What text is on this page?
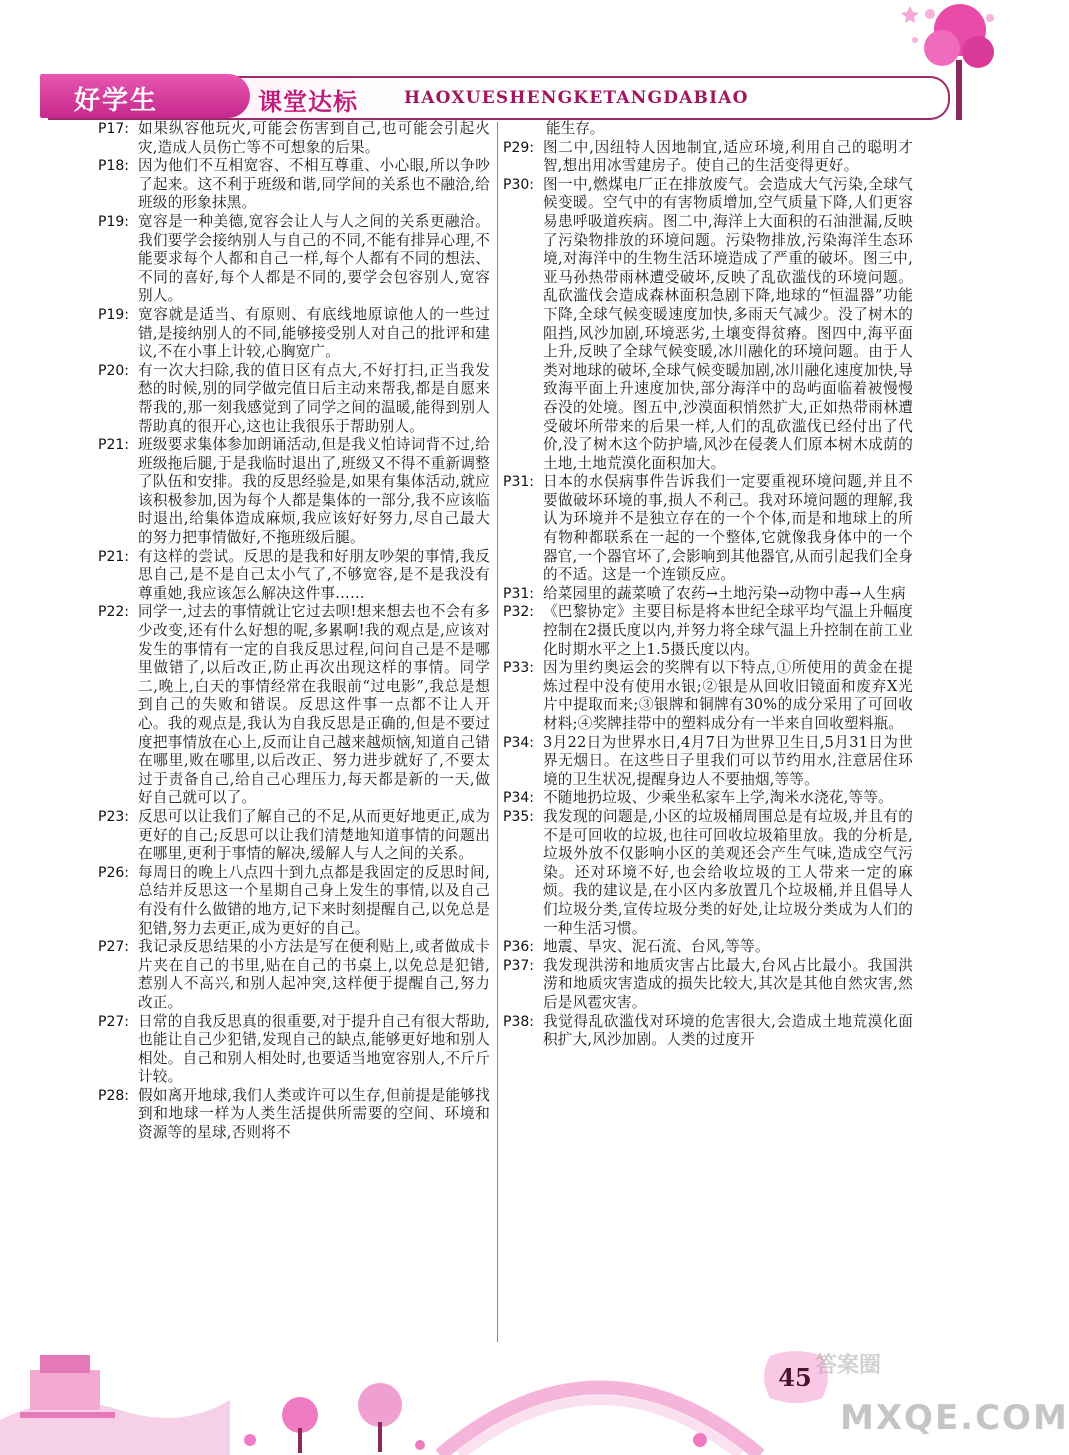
好学生	课堂达标	HAOXUESHENGKETANGDABIAO
P17: 如果纵容他玩火,可能会伤害到自己,也可能会引起火灾,造成人员伤亡等不可想象的后果。
P18: 因为他们不互相宽容、不相互尊重、小心眼,所以争吵了起来。这不利于班级和谐,同学间的关系也不融洽,给班级的形象抹黑。
P19: 宽容是一种美德,宽容会让人与人之间的关系更融洽。我们要学会接纳别人与自己的不同,不能有排异心理,不能要求每个人都和自己一样,每个人都有不同的想法、不同的喜好,每个人都是不同的,要学会包容别人,宽容别人。
P19: 宽容就是适当、有原则、有底线地原谅他人的一些过错,是接纳别人的不同,能够接受别人对自己的批评和建议,不在小事上计较,心胸宽广。
P20: 有一次大扫除,我的值日区有点大,不好打扫,正当我发愁的时候,别的同学做完值日后主动来帮我,都是自愿来帮我的,那一刻我感觉到了同学之间的温暖,能得到别人帮助真的很开心,这也让我很乐于帮助别人。
P21: 班级要求集体参加朗诵活动,但是我义怕诗词背不过,给班级拖后腿,于是我临时退出了,班级又不得不重新调整了队伍和安排。我的反思经验是,如果有集体活动,就应该积极参加,因为每个人都是集体的一部分,我不应该临时退出,给集体造成麻烦,我应该好好努力,尽自己最大的努力把事情做好,不拖班级后腿。
P21: 有这样的尝试。反思的是我和好朋友吵架的事情,我反思自己,是不是自己太小气了,不够宽容,是不是我没有尊重她,我应该怎么解决这件事……
P22: 同学一,过去的事情就让它过去呗!想来想去也不会有多少改变,还有什么好想的呢,多累啊!我的观点是,应该对发生的事情有一定的自我反思过程,问问自己是不是哪里做错了,以后改正,防止再次出现这样的事情。同学二,晚上,白天的事情经常在我眼前“过电影”,我总是想到自己的失败和错误。反思这件事一点都不让人开心。我的观点是,我认为自我反思是正确的,但是不要过度把事情放在心上,反而让自己越来越烦恼,知道自己错在哪里,败在哪里,以后改正、努力进步就好了,不要太过于责备自己,给自己心理压力,每天都是新的一天,做好自己就可以了。
P23: 反思可以让我们了解自己的不足,从而更好地更正,成为更好的自己;反思可以让我们清楚地知道事情的问题出在哪里,更利于事情的解决,缓解人与人之间的关系。
P26: 每周日的晚上八点四十到九点都是我固定的反思时间,总结并反思这一个星期自己身上发生的事情,以及自己有没有什么做错的地方,记下来时刻提醒自己,以免总是犯错,努力去更正,成为更好的自己。
P27: 我记录反思结果的小方法是写在便利贴上,或者做成卡片夹在自己的书里,贴在自己的书桌上,以免总是犯错,惹别人不高兴,和别人起冲突,这样便于提醒自己,努力改正。
P27: 日常的自我反思真的很重要,对于提升自己有很大帮助,也能让自己少犯错,发现自己的缺点,能够更好地和别人相处。自己和别人相处时,也要适当地宽容别人,不斤斤计较。
P28: 假如离开地球,我们人类或许可以生存,但前提是能够找到和地球一样为人类生活提供所需要的空间、环境和资源等的星球,否则将不
能生存。
P29: 图二中,因纽特人因地制宜,适应环境,利用自己的聪明才智,想出用冰雪建房子。使自己的生活变得更好。
P30: 图一中,燃煤电厂正在排放废气。会造成大气污染,全球气候变暖。空气中的有害物质增加,空气质量下降,人们更容易患呼吸道疾病。图二中,海洋上大面积的石油泄漏,反映了污染物排放的环境问题。污染物排放,污染海洋生态环境,对海洋中的生物生活环境造成了严重的破坏。图三中,亚马孙热带雨林遭受破坏,反映了乱砍滥伐的环境问题。乱砍滥伐会造成森林面积急剧下降,地球的“恒温器”功能下降,全球气候变暖速度加快,多雨天气减少。没了树木的阻挡,风沙加剧,环境恶劣,土壤变得贫瘠。图四中,海平面上升,反映了全球气候变暖,冰川融化的环境问题。由于人类对地球的破坏,全球气候变暖加剧,冰川融化速度加快,导致海平面上升速度加快,部分海洋中的岛屿面临着被慢慢吞没的处境。图五中,沙漠面积悄然扩大,正如热带雨林遭受破坏所带来的后果一样,人们的乱砍滥伐已经付出了代价,没了树木这个防护墙,风沙在侵袭人们原本树木成荫的土地,土地荒漠化面积加大。
P31: 日本的水俣病事件告诉我们一定要重视环境问题,并且不要做破坏环境的事,损人不利己。我对环境问题的理解,我认为环境并不是独立存在的一个个体,而是和地球上的所有物种都联系在一起的一个整体,它就像我身体中的一个器官,一个器官坏了,会影响到其他器官,从而引起我们全身的不适。这是一个连锁反应。
P31: 给菜园里的蔬菜喷了农药→土地污染→动物中毒→人生病
P32: 《巴黎协定》主要目标是将本世纪全球平均气温上升幅度控制在2摄氏度以内,并努力将全球气温上升控制在前工业化时期水平之上1.5摄氏度以内。
P33: 因为里约奥运会的奖牌有以下特点,①所使用的黄金在提炼过程中没有使用水银;②银是从回收旧镜面和废弃X光片中提取而来;③银牌和铜牌有30%的成分采用了可回收材料;④奖牌挂带中的塑料成分有一半来自回收塑料瓶。
P34: 3月22日为世界水日,4月7日为世界卫生日,5月31日为世界无烟日。在这些日子里我们可以节约用水,注意居住环境的卫生状况,提醒身边人不要抽烟,等等。
P34: 不随地扔垃圾、少乘坐私家车上学,淘米水浇花,等等。
P35: 我发现的问题是,小区的垃圾桶周围总是有垃圾,并且有的不是可回收的垃圾,也往可回收垃圾箱里放。我的分析是,垃圾外放不仅影响小区的美观还会产生气味,造成空气污染。还对环境不好,也会给收垃圾的工人带来一定的麻烦。我的建议是,在小区内多放置几个垃圾桶,并且倡导人们垃圾分类,宣传垃圾分类的好处,让垃圾分类成为人们的一种生活习惯。
P36: 地震、旱灾、泥石流、台风,等等。
P37: 我发现洪涝和地质灾害占比最大,台风占比最小。我国洪涝和地质灾害造成的损失比较大,其次是其他自然灾害,然后是风雹灾害。
P38: 我觉得乱砍滥伐对环境的危害很大,会造成土地荒漠化面积扩大,风沙加剧。人类的过度开
45 答案圈
MXQE.COM
